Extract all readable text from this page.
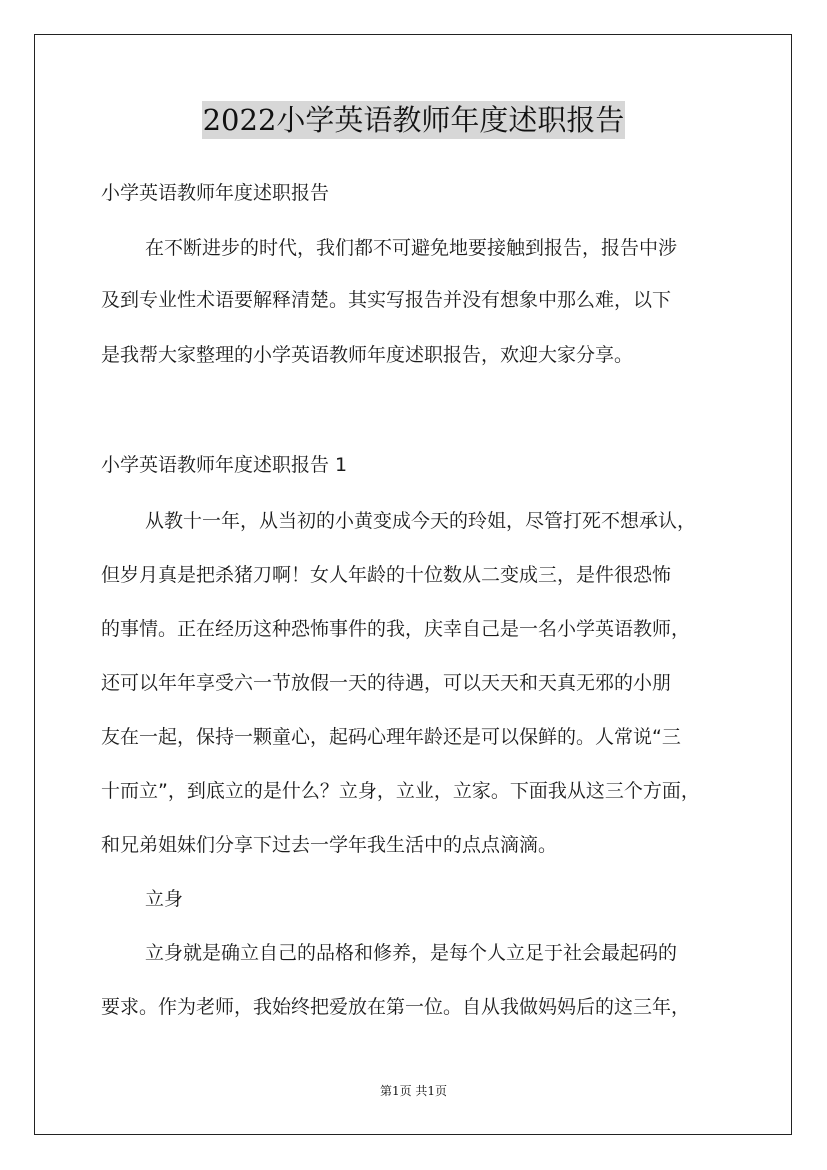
2022小学英语教师年度述职报告
小学英语教师年度述职报告
在不断进步的时代，我们都不可避免地要接触到报告，报告中涉
及到专业性术语要解释清楚。其实写报告并没有想象中那么难，以下
是我帮大家整理的小学英语教师年度述职报告，欢迎大家分享。
小学英语教师年度述职报告 1
从教十一年，从当初的小黄变成今天的玲姐，尽管打死不想承认，
但岁月真是把杀猪刀啊！女人年龄的十位数从二变成三，是件很恐怖
的事情。正在经历这种恐怖事件的我，庆幸自己是一名小学英语教师，
还可以年年享受六一节放假一天的待遇，可以天天和天真无邪的小朋
友在一起，保持一颗童心，起码心理年龄还是可以保鲜的。人常说“三
十而立”，到底立的是什么？立身，立业，立家。下面我从这三个方面，
和兄弟姐妹们分享下过去一学年我生活中的点点滴滴。
立身
立身就是确立自己的品格和修养，是每个人立足于社会最起码的
要求。作为老师，我始终把爱放在第一位。自从我做妈妈后的这三年，
第1页 共1页
